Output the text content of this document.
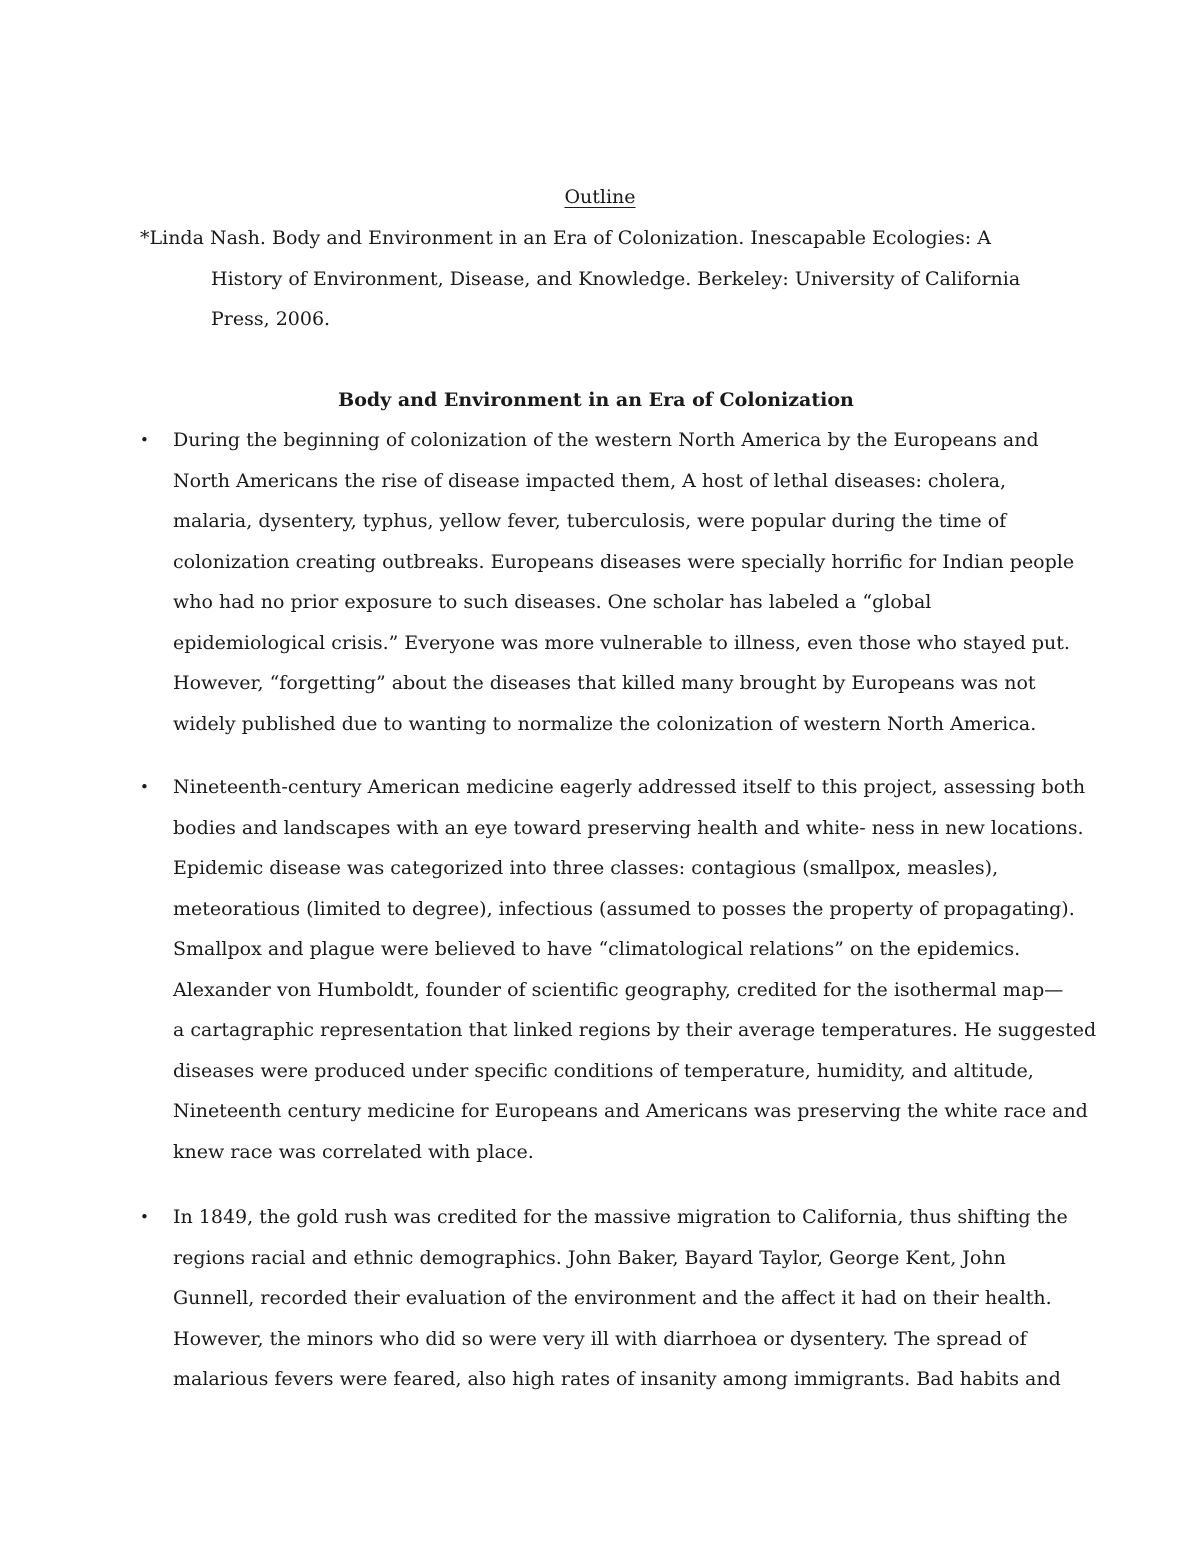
Outline
*Linda Nash. Body and Environment in an Era of Colonization. Inescapable Ecologies: A
History of Environment, Disease, and Knowledge. Berkeley: University of California
Press, 2006.
Body and Environment in an Era of Colonization
• During the beginning of colonization of the western North America by the Europeans and
North Americans the rise of disease impacted them, A host of lethal diseases: cholera,
malaria, dysentery, typhus, yellow fever, tuberculosis, were popular during the time of
colonization creating outbreaks. Europeans diseases were specially horrific for Indian people
who had no prior exposure to such diseases. One scholar has labeled a “global
epidemiological crisis.” Everyone was more vulnerable to illness, even those who stayed put.
However, “forgetting” about the diseases that killed many brought by Europeans was not
widely published due to wanting to normalize the colonization of western North America.
• Nineteenth-century American medicine eagerly addressed itself to this project, assessing both
bodies and landscapes with an eye toward preserving health and white- ness in new locations.
Epidemic disease was categorized into three classes: contagious (smallpox, measles),
meteoratious (limited to degree), infectious (assumed to posses the property of propagating).
Smallpox and plague were believed to have “climatological relations” on the epidemics.
Alexander von Humboldt, founder of scientific geography, credited for the isothermal map—
a cartagraphic representation that linked regions by their average temperatures. He suggested
diseases were produced under specific conditions of temperature, humidity, and altitude,
Nineteenth century medicine for Europeans and Americans was preserving the white race and
knew race was correlated with place.
• In 1849, the gold rush was credited for the massive migration to California, thus shifting the
regions racial and ethnic demographics. John Baker, Bayard Taylor, George Kent, John
Gunnell, recorded their evaluation of the environment and the affect it had on their health.
However, the minors who did so were very ill with diarrhoea or dysentery. The spread of
malarious fevers were feared, also high rates of insanity among immigrants. Bad habits and
